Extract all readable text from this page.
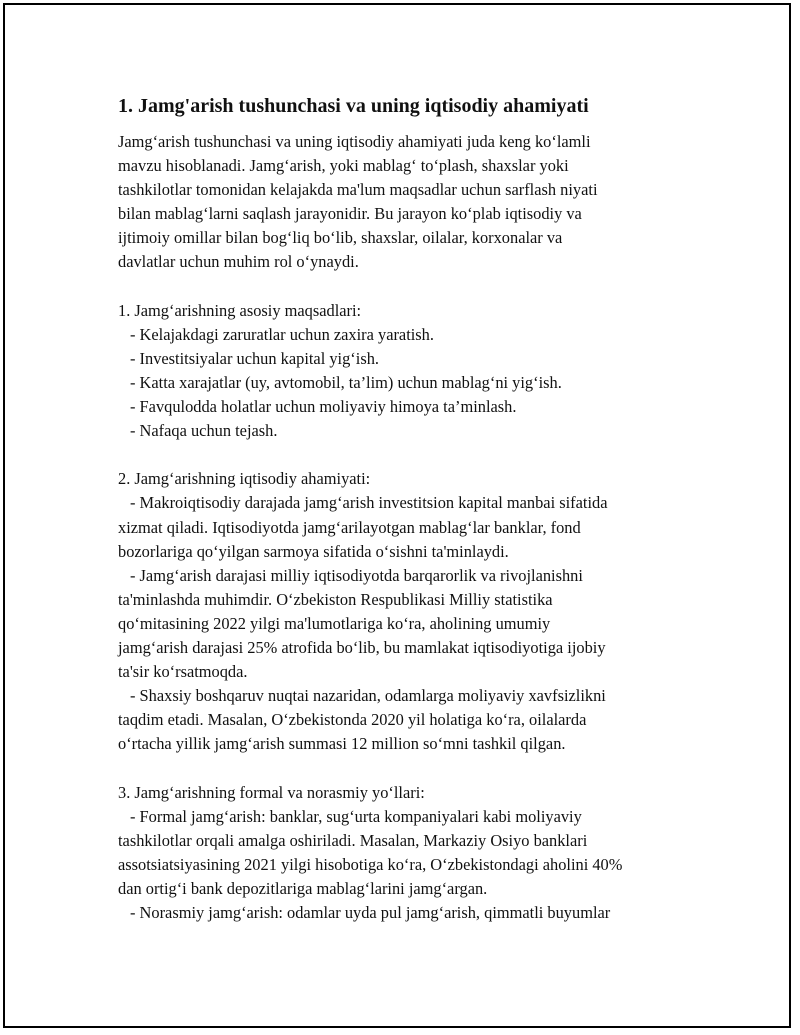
1. Jamg'arish tushunchasi va uning iqtisodiy ahamiyati
Jamg‘arish tushunchasi va uning iqtisodiy ahamiyati juda keng ko‘lamli
mavzu hisoblanadi. Jamg‘arish, yoki mablag‘ to‘plash, shaxslar yoki
tashkilotlar tomonidan kelajakda ma'lum maqsadlar uchun sarflash niyati
bilan mablag‘larni saqlash jarayonidir. Bu jarayon ko‘plab iqtisodiy va
ijtimoiy omillar bilan bog‘liq bo‘lib, shaxslar, oilalar, korxonalar va
davlatlar uchun muhim rol o‘ynaydi.
1. Jamg‘arishning asosiy maqsadlari:
- Kelajakdagi zaruratlar uchun zaxira yaratish.
- Investitsiyalar uchun kapital yig‘ish.
- Katta xarajatlar (uy, avtomobil, ta’lim) uchun mablag‘ni yig‘ish.
- Favqulodda holatlar uchun moliyaviy himoya ta’minlash.
- Nafaqa uchun tejash.
2. Jamg‘arishning iqtisodiy ahamiyati:
- Makroiqtisodiy darajada jamg‘arish investitsion kapital manbai sifatida
xizmat qiladi. Iqtisodiyotda jamg‘arilayotgan mablag‘lar banklar, fond
bozorlariga qo‘yilgan sarmoya sifatida o‘sishni ta'minlaydi.
- Jamg‘arish darajasi milliy iqtisodiyotda barqarorlik va rivojlanishni
ta'minlashda muhimdir. O‘zbekiston Respublikasi Milliy statistika
qo‘mitasining 2022 yilgi ma'lumotlariga ko‘ra, aholining umumiy
jamg‘arish darajasi 25% atrofida bo‘lib, bu mamlakat iqtisodiyotiga ijobiy
ta'sir ko‘rsatmoqda.
- Shaxsiy boshqaruv nuqtai nazaridan, odamlarga moliyaviy xavfsizlikni
taqdim etadi. Masalan, O‘zbekistonda 2020 yil holatiga ko‘ra, oilalarda
o‘rtacha yillik jamg‘arish summasi 12 million so‘mni tashkil qilgan.
3. Jamg‘arishning formal va norasmiy yo‘llari:
- Formal jamg‘arish: banklar, sug‘urta kompaniyalari kabi moliyaviy
tashkilotlar orqali amalga oshiriladi. Masalan, Markaziy Osiyo banklari
assotsiatsiyasining 2021 yilgi hisobotiga ko‘ra, O‘zbekistondagi aholini 40%
dan ortig‘i bank depozitlariga mablag‘larini jamg‘argan.
- Norasmiy jamg‘arish: odamlar uyda pul jamg‘arish, qimmatli buyumlar
